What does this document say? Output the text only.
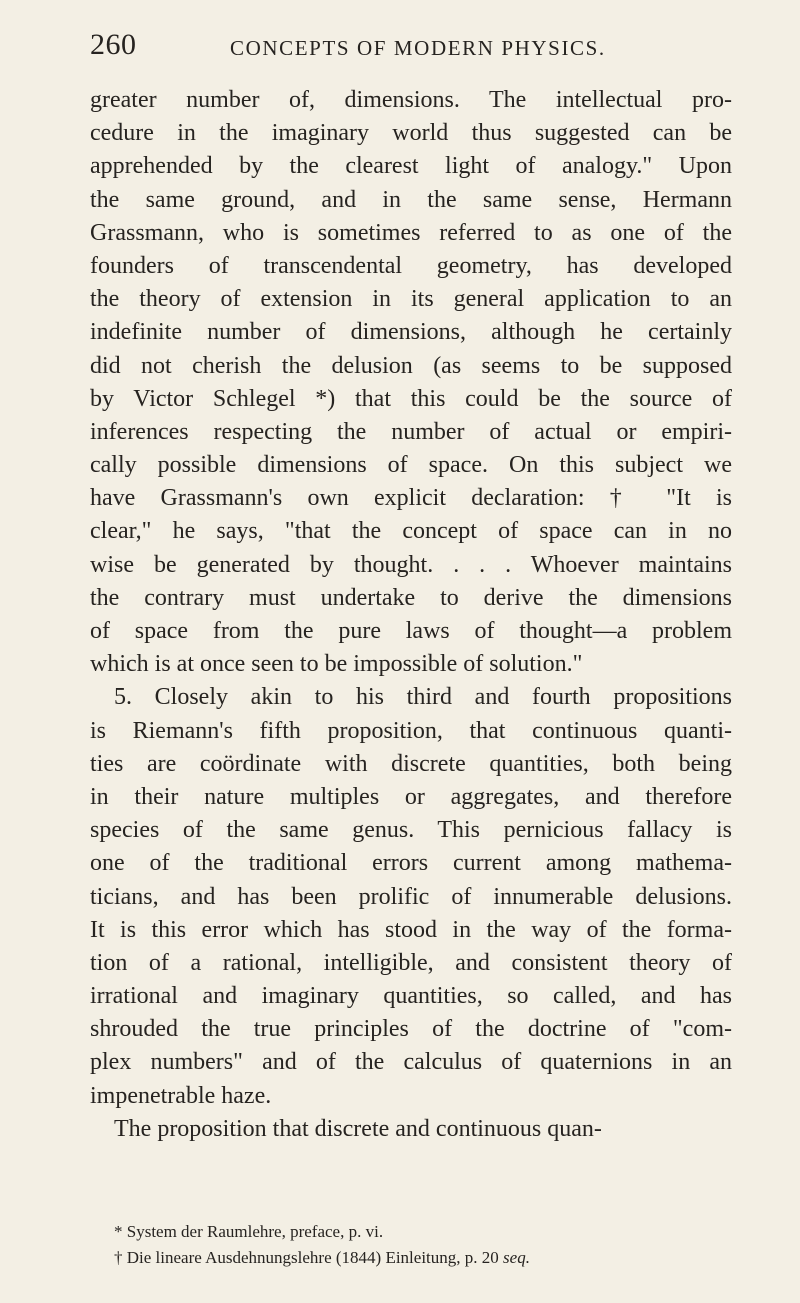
260	CONCEPTS OF MODERN PHYSICS.
greater number of, dimensions. The intellectual pro-
cedure in the imaginary world thus suggested can be
apprehended by the clearest light of analogy." Upon
the same ground, and in the same sense, Hermann
Grassmann, who is sometimes referred to as one of the
founders of transcendental geometry, has developed
the theory of extension in its general application to an
indefinite number of dimensions, although he certainly
did not cherish the delusion (as seems to be supposed
by Victor Schlegel *) that this could be the source of
inferences respecting the number of actual or empiri-
cally possible dimensions of space. On this subject we
have Grassmann's own explicit declaration: † "It is
clear," he says, "that the concept of space can in no
wise be generated by thought. . . . Whoever maintains
the contrary must undertake to derive the dimensions
of space from the pure laws of thought—a problem
which is at once seen to be impossible of solution."
5. Closely akin to his third and fourth propositions
is Riemann's fifth proposition, that continuous quanti-
ties are coördinate with discrete quantities, both being
in their nature multiples or aggregates, and therefore
species of the same genus. This pernicious fallacy is
one of the traditional errors current among mathema-
ticians, and has been prolific of innumerable delusions.
It is this error which has stood in the way of the forma-
tion of a rational, intelligible, and consistent theory of
irrational and imaginary quantities, so called, and has
shrouded the true principles of the doctrine of "com-
plex numbers" and of the calculus of quaternions in an
impenetrable haze.
The proposition that discrete and continuous quan-
* System der Raumlehre, preface, p. vi.
† Die lineare Ausdehnungslehre (1844) Einleitung, p. 20 seq.
